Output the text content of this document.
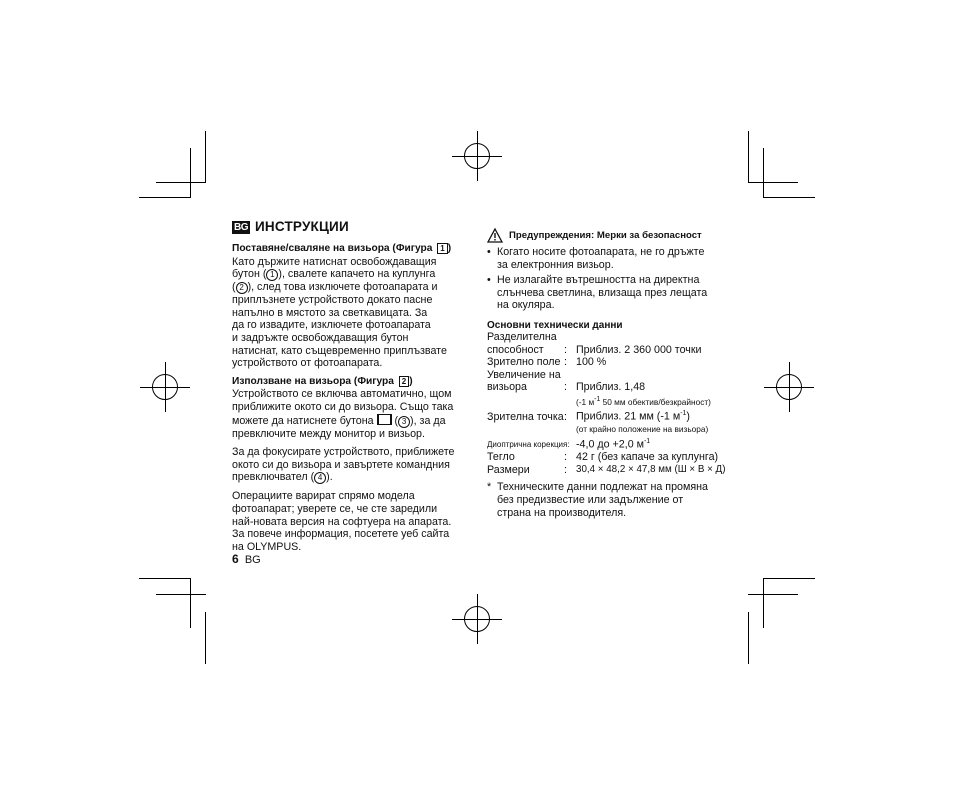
BG ИНСТРУКЦИИ
Поставяне/сваляне на визьора (Фигура 1 )
Като държите натиснат освобождаващия
бутон ( 1 ), свалете капачето на куплунга
( 2 ), след това изключете фотоапарата и
приплъзнете устройството докато пасне
напълно в мястото за светкавицата. За
да го извадите, изключете фотоапарата
и задръжте освобождаващия бутон
натиснат, като същевременно приплъзвате
устройството от фотоапарата.
Използване на визьора (Фигура 2 )
Устройството се включва автоматично, щом
приближите окото си до визьора. Също така
можете да натиснете бутона  ( 3 ), за да
превключите между монитор и визьор.
За да фокусирате устройството, приближете
окото си до визьора и завъртете командния
превключвател ( 4 ).
Операциите варират спрямо модела
фотоапарат; уверете се, че сте заредили
най-новата версия на софтуера на апарата.
За повече информация, посетете уеб сайта
на OLYMPUS.
6 BG
Предупреждения: Мерки за безопасност
• Когато носите фотоапарата, не го дръжте
за електронния визьор.
• Не излагайте вътрешността на директна
слънчева светлина, влизаща през лещата
на окуляра.
Основни технически данни
Разделителна		
способност	:	Приблиз. 2 360 000 точки
Зрително поле	:	100 %
Увеличение на		
визьора	:	Приблиз. 1,48
		(-1 $м^{-1}$ 50 мм обектив/безкрайност)
Зрителна точка	:	Приблиз. 21 мм (-1 $м^{-1}$)
		(от крайно положение на визьора)
Диоптрична корекция:		-4,0 до +2,0 $м^{-1}$
Тегло	:	42 г (без капаче за куплунга)
Размери	:	30,4 × 48,2 × 47,8 мм (Ш × В × Д)
* Техническите данни подлежат на промяна
без предизвестие или задължение от
страна на производителя.
